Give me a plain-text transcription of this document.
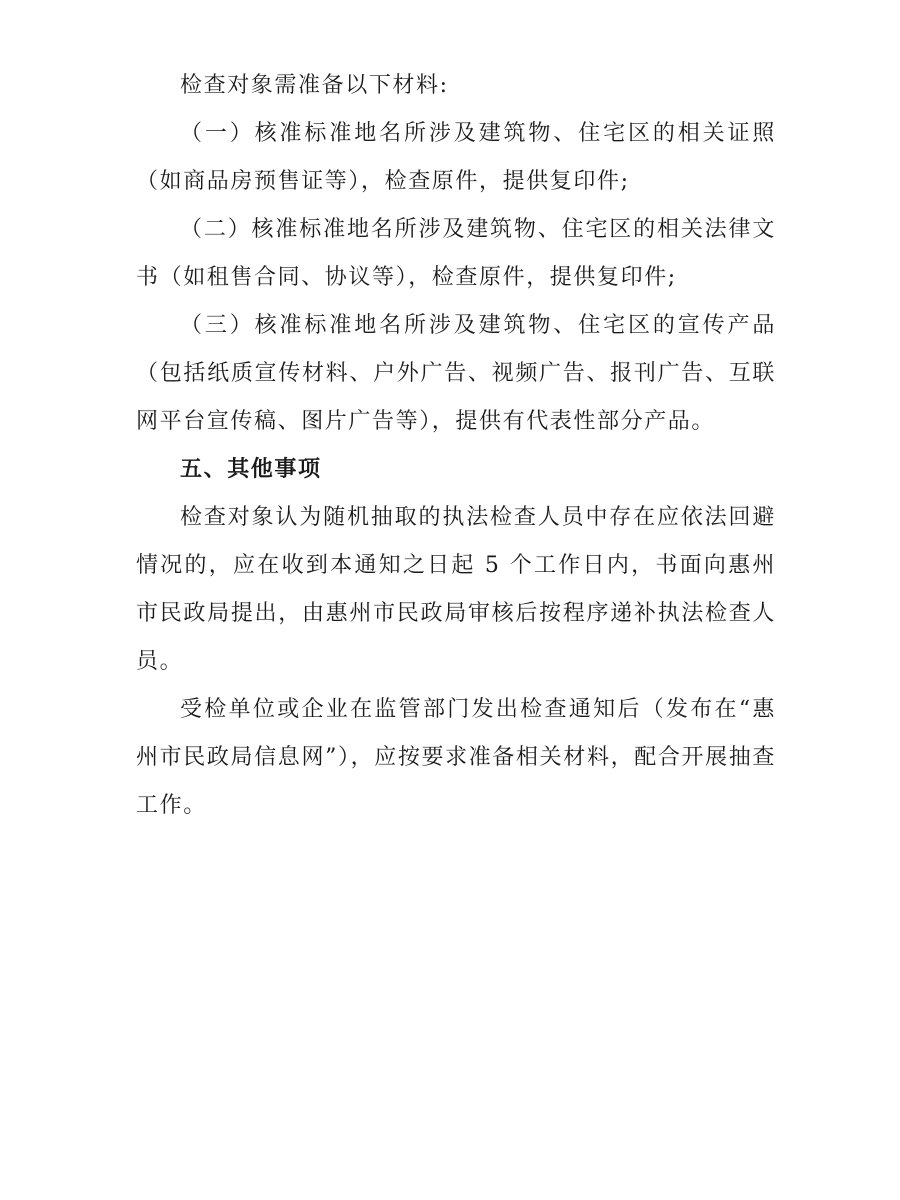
检查对象需准备以下材料:

（一）核准标准地名所涉及建筑物、住宅区的相关证照（如商品房预售证等），检查原件，提供复印件;

（二）核准标准地名所涉及建筑物、住宅区的相关法律文书（如租售合同、协议等），检查原件，提供复印件;

（三）核准标准地名所涉及建筑物、住宅区的宣传产品（包括纸质宣传材料、户外广告、视频广告、报刊广告、互联网平台宣传稿、图片广告等），提供有代表性部分产品。

五、其他事项

检查对象认为随机抽取的执法检查人员中存在应依法回避情况的，应在收到本通知之日起 5 个工作日内，书面向惠州市民政局提出，由惠州市民政局审核后按程序递补执法检查人员。

受检单位或企业在监管部门发出检查通知后（发布在“惠州市民政局信息网”），应按要求准备相关材料，配合开展抽查工作。
